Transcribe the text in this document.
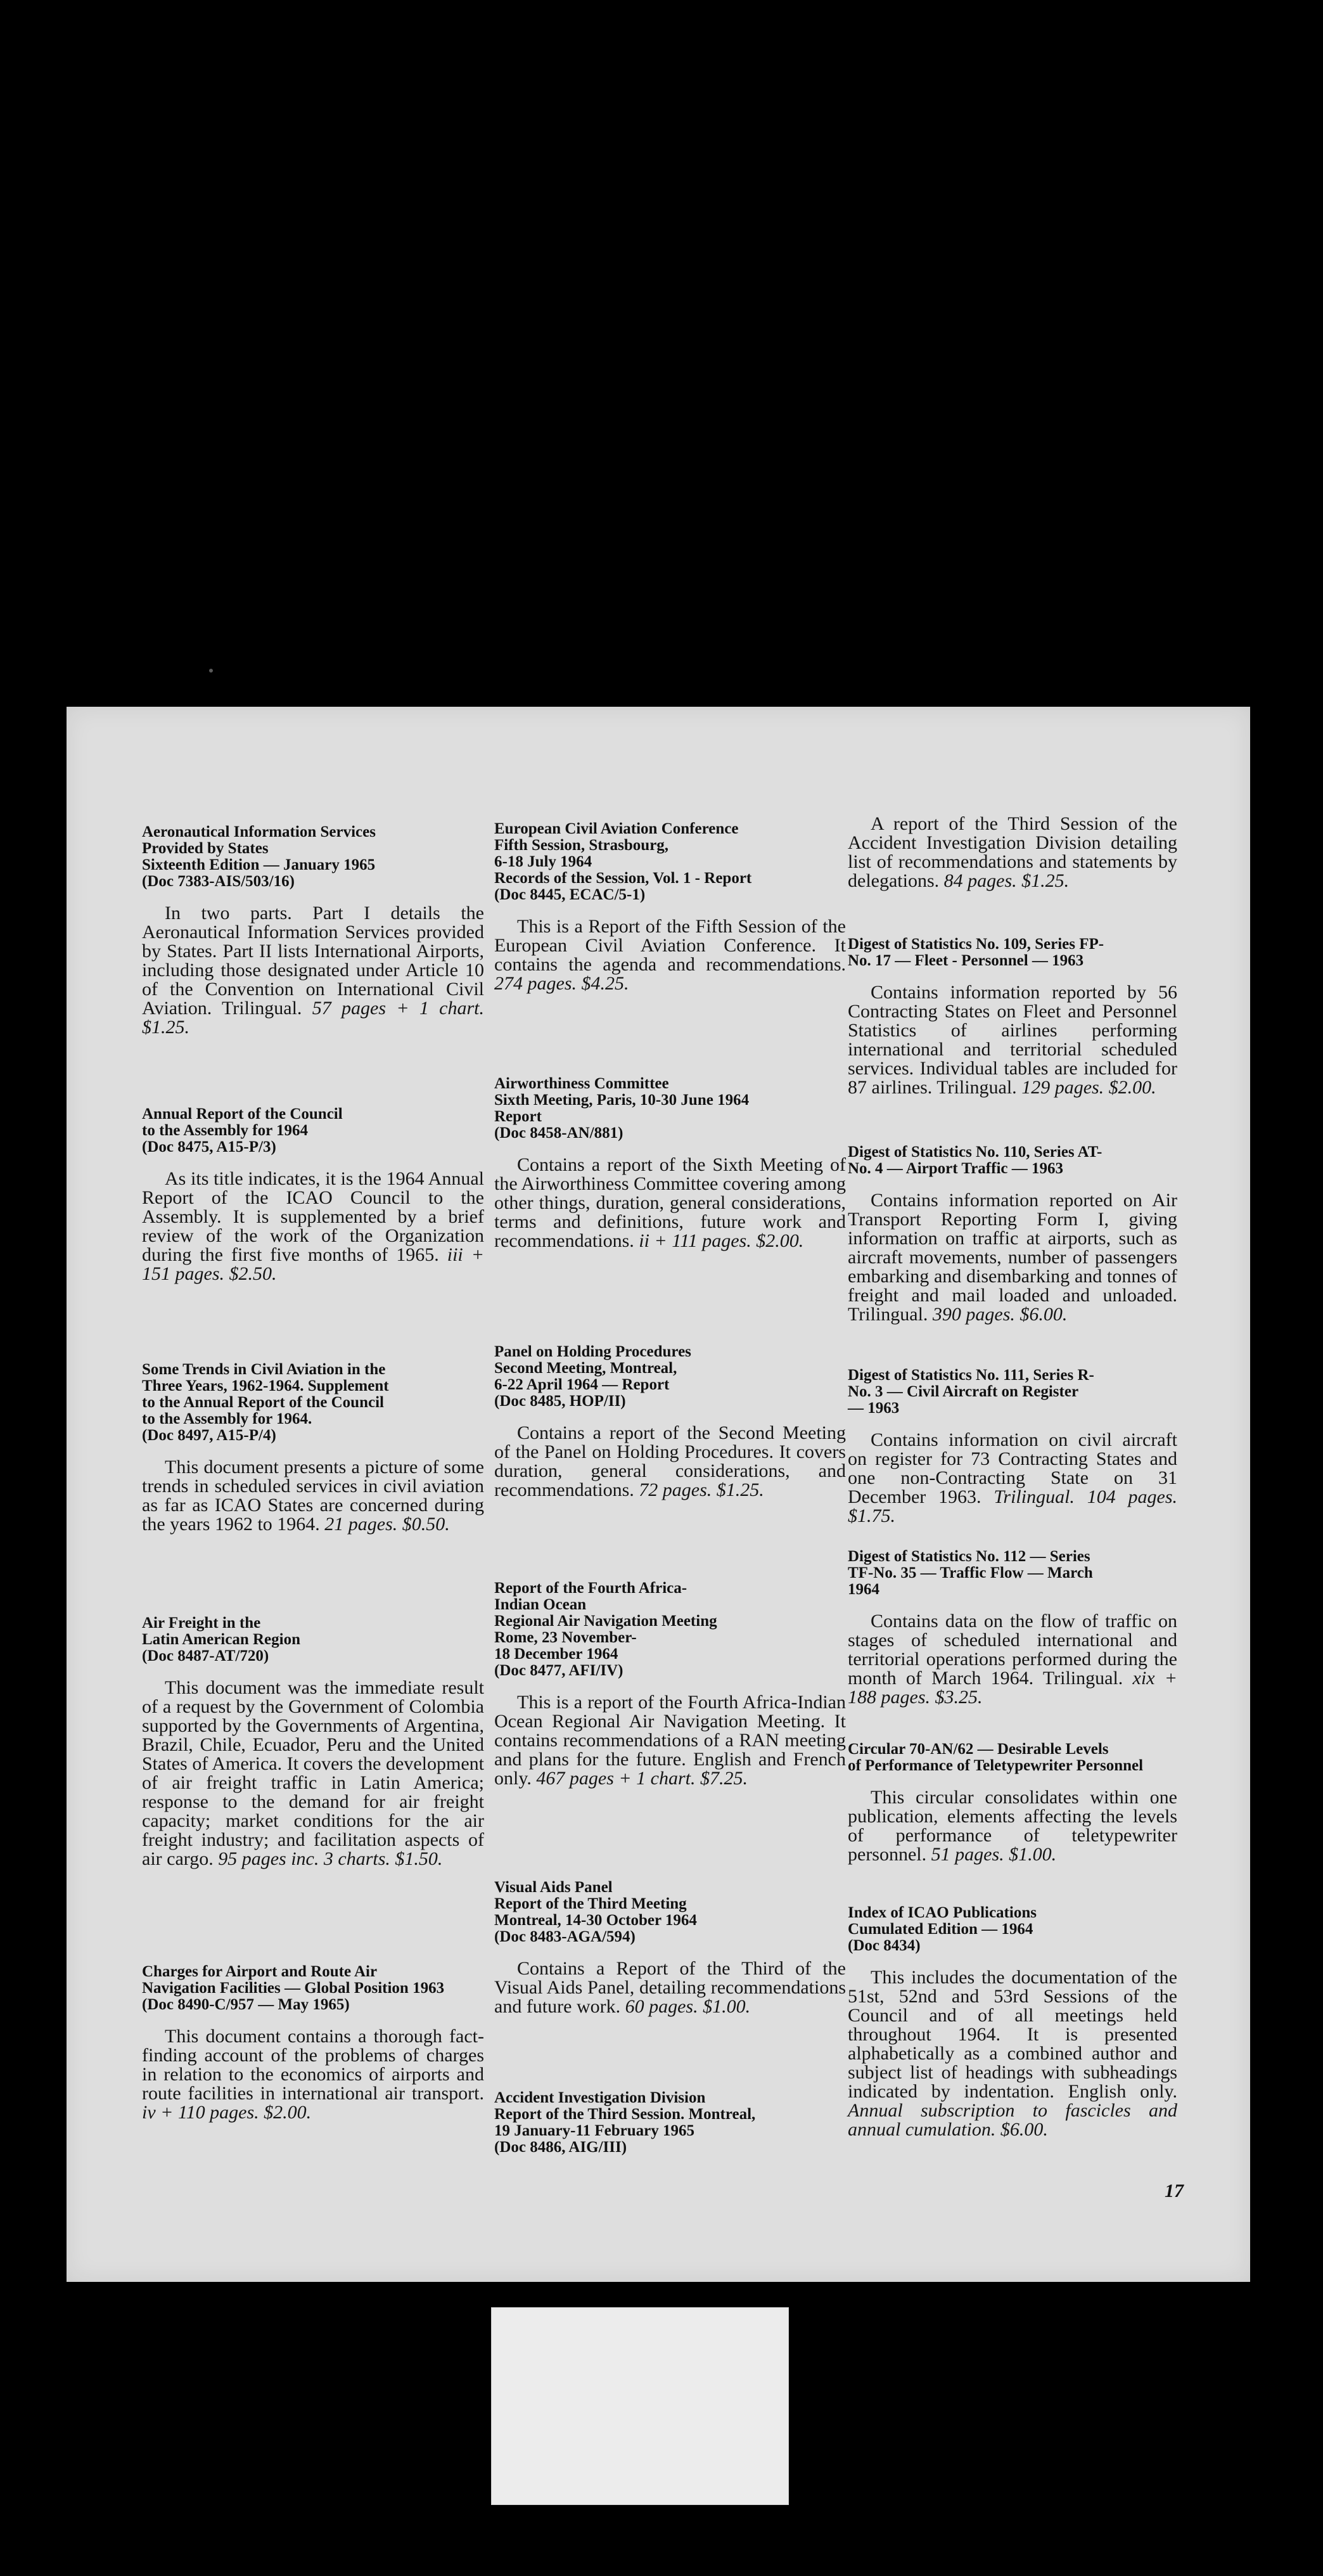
Aeronautical Information Services
Provided by States
Sixteenth Edition — January 1965
(Doc 7383-AIS/503/16)

In two parts. Part I details the Aeronautical Information Services provided by States. Part II lists International Airports, including those designated under Article 10 of the Convention on International Civil Aviation. Trilingual. 57 pages + 1 chart. $1.25.

Annual Report of the Council
to the Assembly for 1964
(Doc 8475, A15-P/3)

As its title indicates, it is the 1964 Annual Report of the ICAO Council to the Assembly. It is supplemented by a brief review of the work of the Organization during the first five months of 1965. iii + 151 pages. $2.50.

Some Trends in Civil Aviation in the
Three Years, 1962-1964. Supplement
to the Annual Report of the Council
to the Assembly for 1964.
(Doc 8497, A15-P/4)

This document presents a picture of some trends in scheduled services in civil aviation as far as ICAO States are concerned during the years 1962 to 1964. 21 pages. $0.50.

Air Freight in the
Latin American Region
(Doc 8487-AT/720)

This document was the immediate result of a request by the Government of Colombia supported by the Governments of Argentina, Brazil, Chile, Ecuador, Peru and the United States of America. It covers the development of air freight traffic in Latin America; response to the demand for air freight capacity; market conditions for the air freight industry; and facilitation aspects of air cargo. 95 pages inc. 3 charts. $1.50.

Charges for Airport and Route Air
Navigation Facilities — Global Position 1963
(Doc 8490-C/957 — May 1965)

This document contains a thorough fact-finding account of the problems of charges in relation to the economics of airports and route facilities in international air transport. iv + 110 pages. $2.00.

European Civil Aviation Conference
Fifth Session, Strasbourg,
6-18 July 1964
Records of the Session, Vol. 1 - Report
(Doc 8445, ECAC/5-1)

This is a Report of the Fifth Session of the European Civil Aviation Conference. It contains the agenda and recommendations. 274 pages. $4.25.

Airworthiness Committee
Sixth Meeting, Paris, 10-30 June 1964
Report
(Doc 8458-AN/881)

Contains a report of the Sixth Meeting of the Airworthiness Committee covering among other things, duration, general considerations, terms and definitions, future work and recommendations. ii + 111 pages. $2.00.

Panel on Holding Procedures
Second Meeting, Montreal,
6-22 April 1964 — Report
(Doc 8485, HOP/II)

Contains a report of the Second Meeting of the Panel on Holding Procedures. It covers duration, general considerations, and recommendations. 72 pages. $1.25.

Report of the Fourth Africa-
Indian Ocean
Regional Air Navigation Meeting
Rome, 23 November-
18 December 1964
(Doc 8477, AFI/IV)

This is a report of the Fourth Africa-Indian Ocean Regional Air Navigation Meeting. It contains recommendations of a RAN meeting and plans for the future. English and French only. 467 pages + 1 chart. $7.25.

Visual Aids Panel
Report of the Third Meeting
Montreal, 14-30 October 1964
(Doc 8483-AGA/594)

Contains a Report of the Third of the Visual Aids Panel, detailing recommendations and future work. 60 pages. $1.00.

Accident Investigation Division
Report of the Third Session. Montreal,
19 January-11 February 1965
(Doc 8486, AIG/III)

A report of the Third Session of the Accident Investigation Division detailing list of recommendations and statements by delegations. 84 pages. $1.25.

Digest of Statistics No. 109, Series FP-
No. 17 — Fleet - Personnel — 1963

Contains information reported by 56 Contracting States on Fleet and Personnel Statistics of airlines performing international and territorial scheduled services. Individual tables are included for 87 airlines. Trilingual. 129 pages. $2.00.

Digest of Statistics No. 110, Series AT-
No. 4 — Airport Traffic — 1963

Contains information reported on Air Transport Reporting Form I, giving information on traffic at airports, such as aircraft movements, number of passengers embarking and disembarking and tonnes of freight and mail loaded and unloaded. Trilingual. 390 pages. $6.00.

Digest of Statistics No. 111, Series R-
No. 3 — Civil Aircraft on Register
— 1963

Contains information on civil aircraft on register for 73 Contracting States and one non-Contracting State on 31 December 1963. Trilingual. 104 pages. $1.75.

Digest of Statistics No. 112 — Series
TF-No. 35 — Traffic Flow — March
1964

Contains data on the flow of traffic on stages of scheduled international and territorial operations performed during the month of March 1964. Trilingual. xix + 188 pages. $3.25.

Circular 70-AN/62 — Desirable Levels
of Performance of Teletypewriter Personnel

This circular consolidates within one publication, elements affecting the levels of performance of teletypewriter personnel. 51 pages. $1.00.

Index of ICAO Publications
Cumulated Edition — 1964
(Doc 8434)

This includes the documentation of the 51st, 52nd and 53rd Sessions of the Council and of all meetings held throughout 1964. It is presented alphabetically as a combined author and subject list of headings with subheadings indicated by indentation. English only. Annual subscription to fascicles and annual cumulation. $6.00.

17
